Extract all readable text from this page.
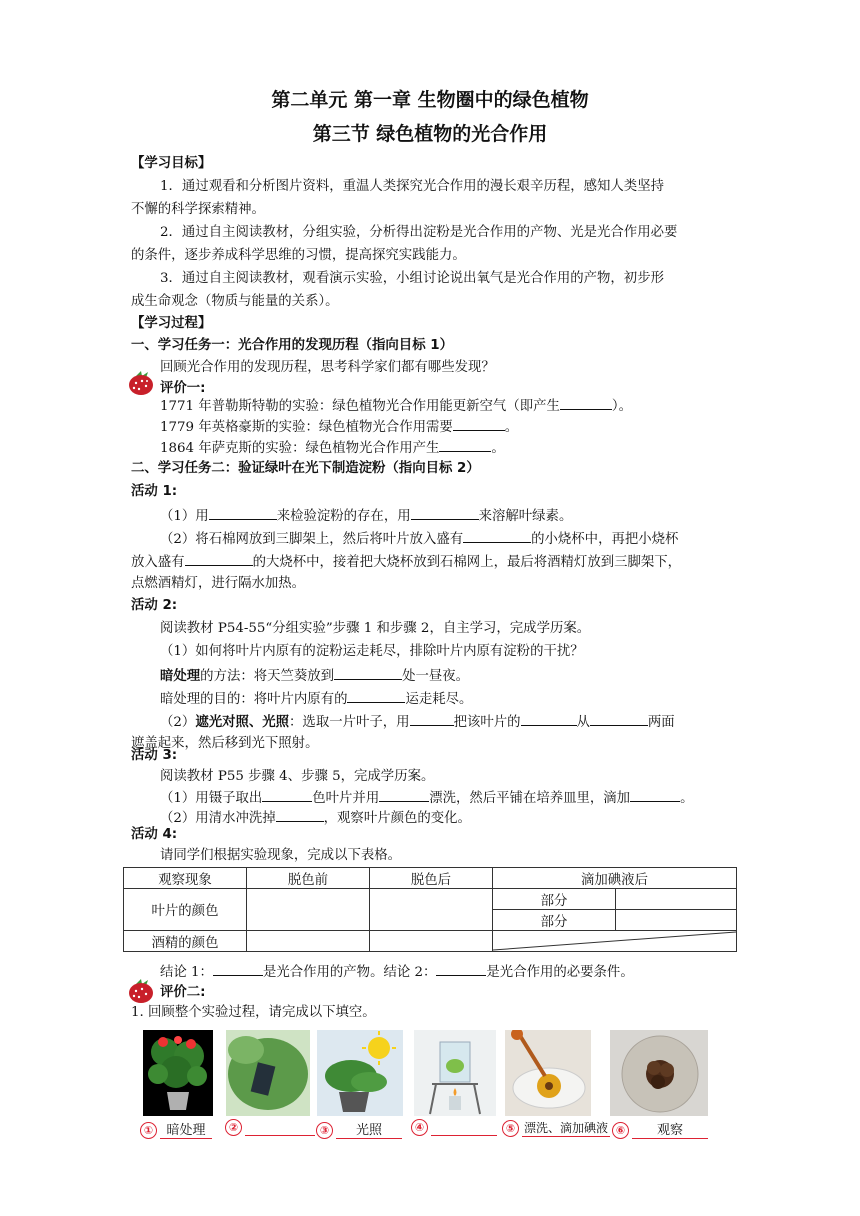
第二单元 第一章 生物圈中的绿色植物
第三节 绿色植物的光合作用
【学习目标】
1．通过观看和分析图片资料，重温人类探究光合作用的漫长艰辛历程，感知人类坚持
不懈的科学探索精神。
2．通过自主阅读教材，分组实验，分析得出淀粉是光合作用的产物、光是光合作用必要
的条件，逐步养成科学思维的习惯，提高探究实践能力。
3．通过自主阅读教材，观看演示实验，小组讨论说出氧气是光合作用的产物，初步形
成生命观念（物质与能量的关系）。
【学习过程】
一、学习任务一：光合作用的发现历程（指向目标 1）
回顾光合作用的发现历程，思考科学家们都有哪些发现？
评价一:
1771 年普勒斯特勒的实验：绿色植物光合作用能更新空气（即产生	）。
1779 年英格豪斯的实验：绿色植物光合作用需要	。
1864 年萨克斯的实验：绿色植物光合作用产生	。
二、学习任务二：验证绿叶在光下制造淀粉（指向目标 2）
活动 1:
（1）用	来检验淀粉的存在，用	来溶解叶绿素。
（2）将石棉网放到三脚架上，然后将叶片放入盛有	的小烧杯中，再把小烧杯
放入盛有	的大烧杯中，接着把大烧杯放到石棉网上，最后将酒精灯放到三脚架下，
点燃酒精灯，进行隔水加热。
活动 2:
阅读教材 P54-55“分组实验”步骤 1 和步骤 2，自主学习，完成学历案。
（1）如何将叶片内原有的淀粉运走耗尽，排除叶片内原有淀粉的干扰？
暗处理的方法：将天竺葵放到	处一昼夜。
暗处理的目的：将叶片内原有的	运走耗尽。
（2）遮光对照、光照：选取一片叶子，用	把该叶片的	从	两面
遮盖起来，然后移到光下照射。
活动 3:
阅读教材 P55 步骤 4、步骤 5，完成学历案。
（1）用镊子取出	色叶片并用	漂洗，然后平铺在培养皿里，滴加	。
（2）用清水冲洗掉	，观察叶片颜色的变化。
活动 4:
观察现象	脱色前	脱色后	滴加碘液后	
叶片的颜色			部分	
			部分	
酒精的颜色			
结论 1：	是光合作用的产物。结论 2：	是光合作用的必要条件。
评价二:
1. 回顾整个实验过程，请完成以下填空。
① 暗处理	②	③ 光照	④	⑤ 漂洗、滴加碘液 ⑥ 观察
请同学们根据实验现象，完成以下表格。
